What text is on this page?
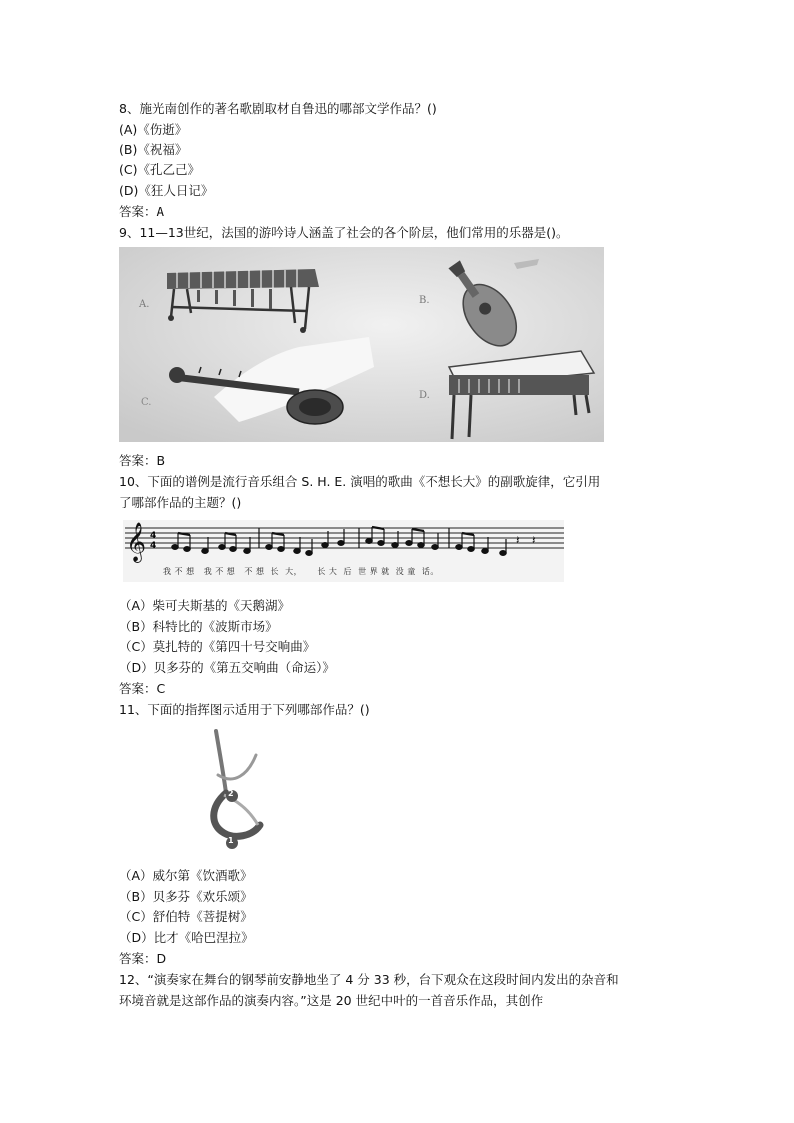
8、施光南创作的著名歌剧取材自鲁迅的哪部文学作品？()
(A)《伤逝》
(B)《祝福》
(C)《孔乙己》
(D)《狂人日记》
答案：A
9、11—13世纪，法国的游吟诗人涵盖了社会的各个阶层，他们常用的乐器是()。
A.	B.
C.
D.
答案：B
10、下面的谱例是流行音乐组合 S. H. E. 演唱的歌曲《不想长大》的副歌旋律，它引用
了哪部作品的主题？()
𝄞 4
4	𝄽 𝄽
我 不 想   我 不 想   不 想  长  大，     长 大  后  世 界 就  没 童  话。
（A）柴可夫斯基的《天鹅湖》
（B）科特比的《波斯市场》
（C）莫扎特的《第四十号交响曲》
（D）贝多芬的《第五交响曲（命运）》
答案：C
11、下面的指挥图示适用于下列哪部作品？()
2
1
（A）威尔第《饮酒歌》
（B）贝多芬《欢乐颂》
（C）舒伯特《菩提树》
（D）比才《哈巴涅拉》
答案：D
12、“演奏家在舞台的钢琴前安静地坐了 4 分 33 秒，台下观众在这段时间内发出的杂音和
环境音就是这部作品的演奏内容。”这是 20 世纪中叶的一首音乐作品，其创作
